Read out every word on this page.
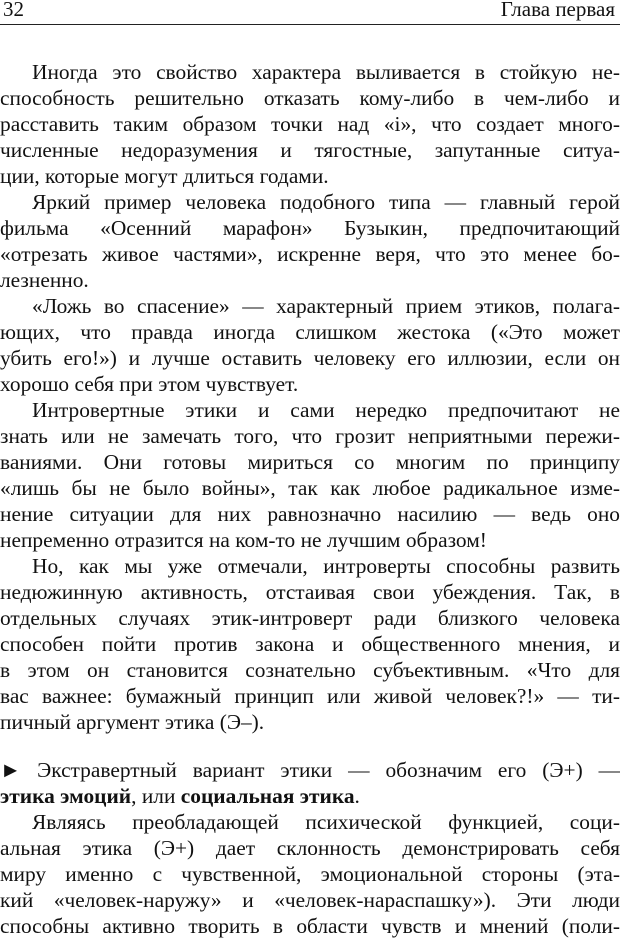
32	Глава первая
Иногда это свойство характера выливается в стойкую не-
способность решительно отказать кому-либо в чем-либо и
расставить таким образом точки над «i», что создает много-
численные недоразумения и тягостные, запутанные ситуа-
ции, которые могут длиться годами.
Яркий пример человека подобного типа — главный герой
фильма «Осенний марафон» Бузыкин, предпочитающий
«отрезать живое частями», искренне веря, что это менее бо-
лезненно.
«Ложь во спасение» — характерный прием этиков, полага-
ющих, что правда иногда слишком жестока («Это может
убить его!») и лучше оставить человеку его иллюзии, если он
хорошо себя при этом чувствует.
Интровертные этики и сами нередко предпочитают не
знать или не замечать того, что грозит неприятными пережи-
ваниями. Они готовы мириться со многим по принципу
«лишь бы не было войны», так как любое радикальное изме-
нение ситуации для них равнозначно насилию — ведь оно
непременно отразится на ком-то не лучшим образом!
Но, как мы уже отмечали, интроверты способны развить
недюжинную активность, отстаивая свои убеждения. Так, в
отдельных случаях этик-интроверт ради близкого человека
способен пойти против закона и общественного мнения, и
в этом он становится сознательно субъективным. «Что для
вас важнее: бумажный принцип или живой человек?!» — ти-
пичный аргумент этика (Э–).
► Экстравертный вариант этики — обозначим его (Э+) —
этика эмоций, или социальная этика.
Являясь преобладающей психической функцией, соци-
альная этика (Э+) дает склонность демонстрировать себя
миру именно с чувственной, эмоциональной стороны (эта-
кий «человек-наружу» и «человек-нараспашку»). Эти люди
способны активно творить в области чувств и мнений (поли-
